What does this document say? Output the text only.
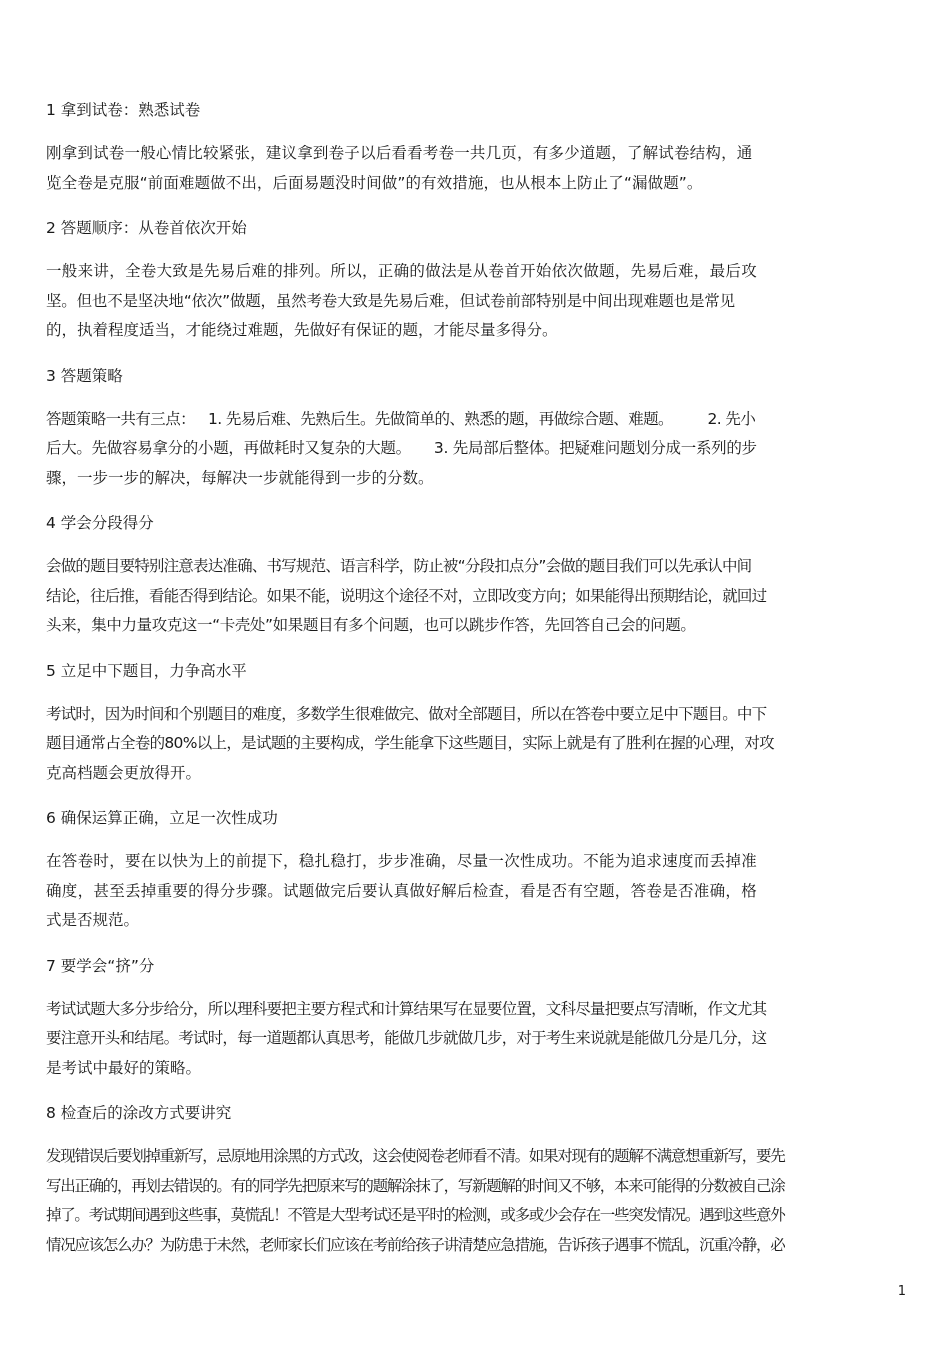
1 拿到试卷：熟悉试卷
刚拿到试卷一般心情比较紧张，建议拿到卷子以后看看考卷一共几页，有多少道题，了解试卷结构，通
览全卷是克服“前面难题做不出，后面易题没时间做”的有效措施，也从根本上防止了“漏做题”。
2 答题顺序：从卷首依次开始
一般来讲，全卷大致是先易后难的排列。所以，正确的做法是从卷首开始依次做题，先易后难，最后攻
坚。但也不是坚决地“依次”做题，虽然考卷大致是先易后难，但试卷前部特别是中间出现难题也是常见
的，执着程度适当，才能绕过难题，先做好有保证的题，才能尽量多得分。
3 答题策略
答题策略一共有三点：   1. 先易后难、先熟后生。先做简单的、熟悉的题，再做综合题、难题。        2. 先小
后大。先做容易拿分的小题，再做耗时又复杂的大题。     3. 先局部后整体。把疑难问题划分成一系列的步
骤，一步一步的解决，每解决一步就能得到一步的分数。
4 学会分段得分
会做的题目要特别注意表达准确、书写规范、语言科学，防止被“分段扣点分”会做的题目我们可以先承认中间
结论，往后推，看能否得到结论。如果不能，说明这个途径不对，立即改变方向；如果能得出预期结论，就回过
头来，集中力量攻克这一“卡壳处”如果题目有多个问题，也可以跳步作答，先回答自己会的问题。
5 立足中下题目，力争高水平
考试时，因为时间和个别题目的难度，多数学生很难做完、做对全部题目，所以在答卷中要立足中下题目。中下
题目通常占全卷的80%以上，是试题的主要构成，学生能拿下这些题目，实际上就是有了胜利在握的心理，对攻
克高档题会更放得开。
6 确保运算正确，立足一次性成功
在答卷时，要在以快为上的前提下，稳扎稳打，步步准确，尽量一次性成功。不能为追求速度而丢掉准
确度，甚至丢掉重要的得分步骤。试题做完后要认真做好解后检查，看是否有空题，答卷是否准确，格
式是否规范。
7 要学会“挤”分
考试试题大多分步给分，所以理科要把主要方程式和计算结果写在显要位置，文科尽量把要点写清晰，作文尤其
要注意开头和结尾。考试时，每一道题都认真思考，能做几步就做几步，对于考生来说就是能做几分是几分，这
是考试中最好的策略。
8 检查后的涂改方式要讲究
发现错误后要划掉重新写，忌原地用涂黑的方式改，这会使阅卷老师看不清。如果对现有的题解不满意想重新写，要先
写出正确的，再划去错误的。有的同学先把原来写的题解涂抹了，写新题解的时间又不够，本来可能得的分数被自己涂
掉了。考试期间遇到这些事，莫慌乱！不管是大型考试还是平时的检测，或多或少会存在一些突发情况。遇到这些意外
情况应该怎么办？为防患于未然，老师家长们应该在考前给孩子讲清楚应急措施，告诉孩子遇事不慌乱，沉重冷静，必
1
